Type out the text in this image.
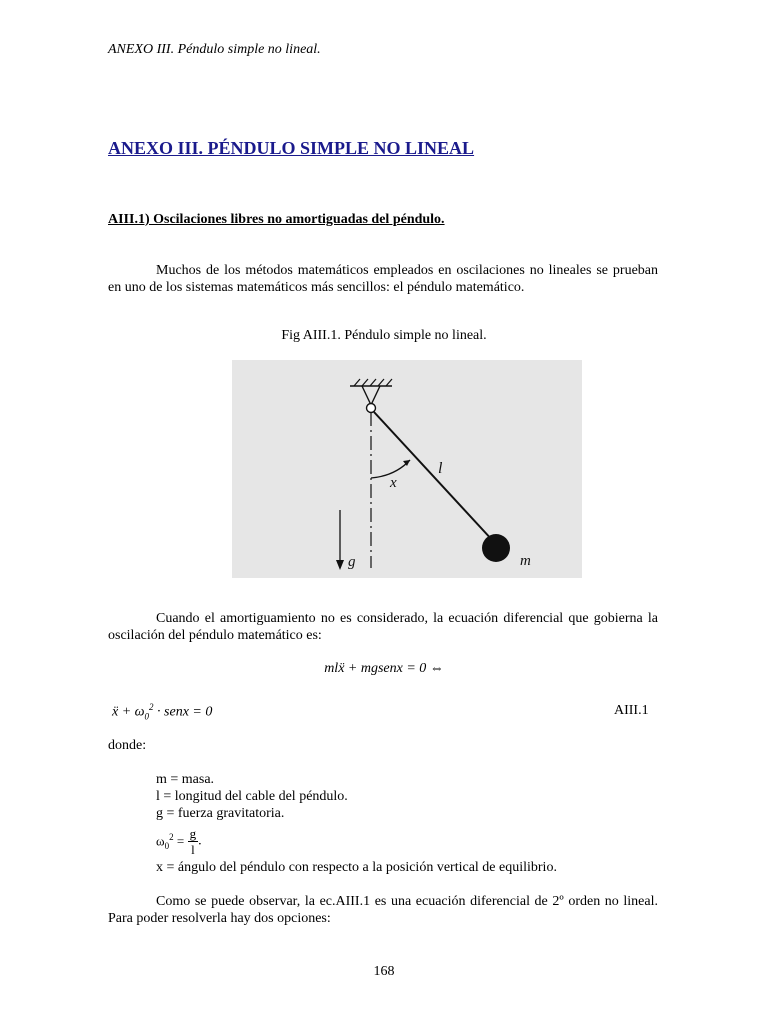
ANEXO III. Péndulo simple no lineal.
ANEXO III. PÉNDULO SIMPLE NO LINEAL
AIII.1) Oscilaciones libres no amortiguadas del péndulo.
Muchos de los métodos matemáticos empleados en oscilaciones no lineales se prueban en uno de los sistemas matemáticos más sencillos: el péndulo matemático.
Fig AIII.1. Péndulo simple no lineal.
l
x
g	m
Cuando el amortiguamiento no es considerado, la ecuación diferencial que gobierna la oscilación del péndulo matemático es:
mlẍ + mgsenx = 0 ⇔
ẍ + $\omega_0^2$ · senx = 0	AIII.1
donde:
m = masa.
l = longitud del cable del péndulo.
g = fuerza gravitatoria.
$\omega_0^2 = \frac{g}{l}$ .
x = ángulo del péndulo con respecto a la posición vertical de equilibrio.
Como se puede observar, la ec.AIII.1 es una ecuación diferencial de 2º orden no lineal. Para poder resolverla hay dos opciones:
168
